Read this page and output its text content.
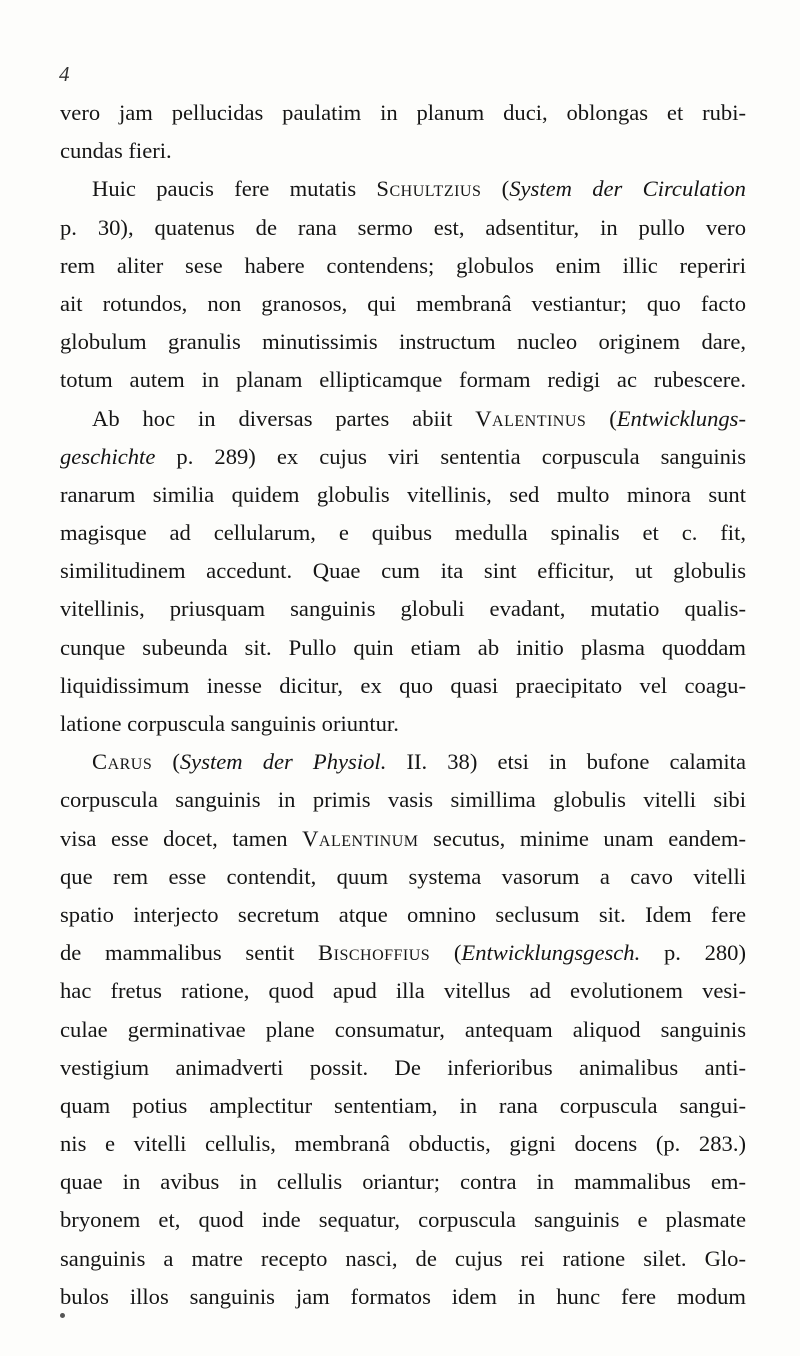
4
vero jam pellucidas paulatim in planum duci, oblongas et rubi-
cundas fieri.
Huic paucis fere mutatis Schultzius (System der Circulation
p. 30), quatenus de rana sermo est, adsentitur, in pullo vero
rem aliter sese habere contendens; globulos enim illic reperiri
ait rotundos, non granosos, qui membranâ vestiantur; quo facto
globulum granulis minutissimis instructum nucleo originem dare,
totum autem in planam ellipticamque formam redigi ac rubescere.
Ab hoc in diversas partes abiit Valentinus (Entwicklungs-
geschichte p. 289) ex cujus viri sententia corpuscula sanguinis
ranarum similia quidem globulis vitellinis, sed multo minora sunt
magisque ad cellularum, e quibus medulla spinalis et c. fit,
similitudinem accedunt. Quae cum ita sint efficitur, ut globulis
vitellinis, priusquam sanguinis globuli evadant, mutatio qualis-
cunque subeunda sit. Pullo quin etiam ab initio plasma quoddam
liquidissimum inesse dicitur, ex quo quasi praecipitato vel coagu-
latione corpuscula sanguinis oriuntur.
Carus (System der Physiol. II. 38) etsi in bufone calamita
corpuscula sanguinis in primis vasis simillima globulis vitelli sibi
visa esse docet, tamen Valentinum secutus, minime unam eandem-
que rem esse contendit, quum systema vasorum a cavo vitelli
spatio interjecto secretum atque omnino seclusum sit. Idem fere
de mammalibus sentit Bischoffius (Entwicklungsgesch. p. 280)
hac fretus ratione, quod apud illa vitellus ad evolutionem vesi-
culae germinativae plane consumatur, antequam aliquod sanguinis
vestigium animadverti possit. De inferioribus animalibus anti-
quam potius amplectitur sententiam, in rana corpuscula sangui-
nis e vitelli cellulis, membranâ obductis, gigni docens (p. 283.)
quae in avibus in cellulis oriantur; contra in mammalibus em-
bryonem et, quod inde sequatur, corpuscula sanguinis e plasmate
sanguinis a matre recepto nasci, de cujus rei ratione silet. Glo-
bulos illos sanguinis jam formatos idem in hunc fere modum
